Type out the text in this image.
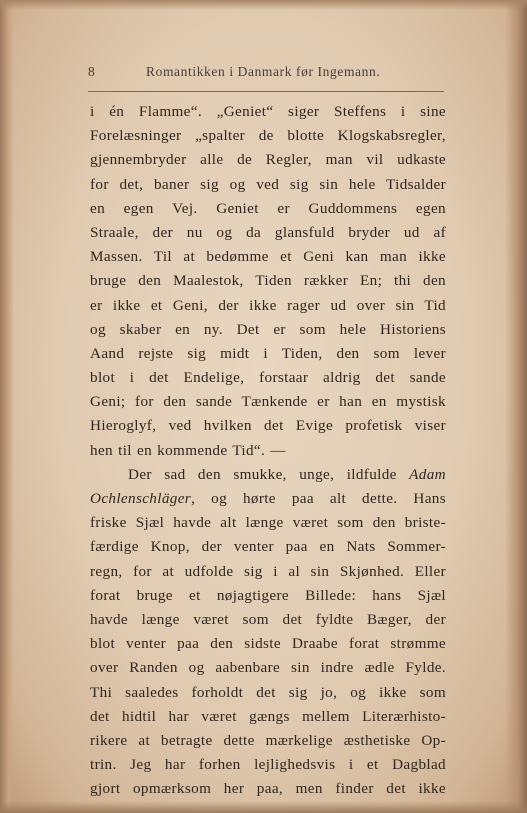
8	Romantikken i Danmark før Ingemann.
i én Flamme“. „Geniet“ siger Steffens i sine
Forelæsninger „spalter de blotte Klogskabsregler,
gjennembryder alle de Regler, man vil udkaste
for det, baner sig og ved sig sin hele Tidsalder
en egen Vej. Geniet er Guddommens egen
Straale, der nu og da glansfuld bryder ud af
Massen. Til at bedømme et Geni kan man ikke
bruge den Maalestok, Tiden rækker En; thi den
er ikke et Geni, der ikke rager ud over sin Tid
og skaber en ny. Det er som hele Historiens
Aand rejste sig midt i Tiden, den som lever
blot i det Endelige, forstaar aldrig det sande
Geni; for den sande Tænkende er han en mystisk
Hieroglyf, ved hvilken det Evige profetisk viser
hen til en kommende Tid“. —
Der sad den smukke, unge, ildfulde Adam
Ochlenschläger, og hørte paa alt dette. Hans
friske Sjæl havde alt længe været som den briste-
færdige Knop, der venter paa en Nats Sommer-
regn, for at udfolde sig i al sin Skjønhed. Eller
forat bruge et nøjagtigere Billede: hans Sjæl
havde længe været som det fyldte Bæger, der
blot venter paa den sidste Draabe forat strømme
over Randen og aabenbare sin indre ædle Fylde.
Thi saaledes forholdt det sig jo, og ikke som
det hidtil har været gængs mellem Literærhisto-
rikere at betragte dette mærkelige æsthetiske Op-
trin. Jeg har forhen lejlighedsvis i et Dagblad
gjort opmærksom her paa, men finder det ikke
